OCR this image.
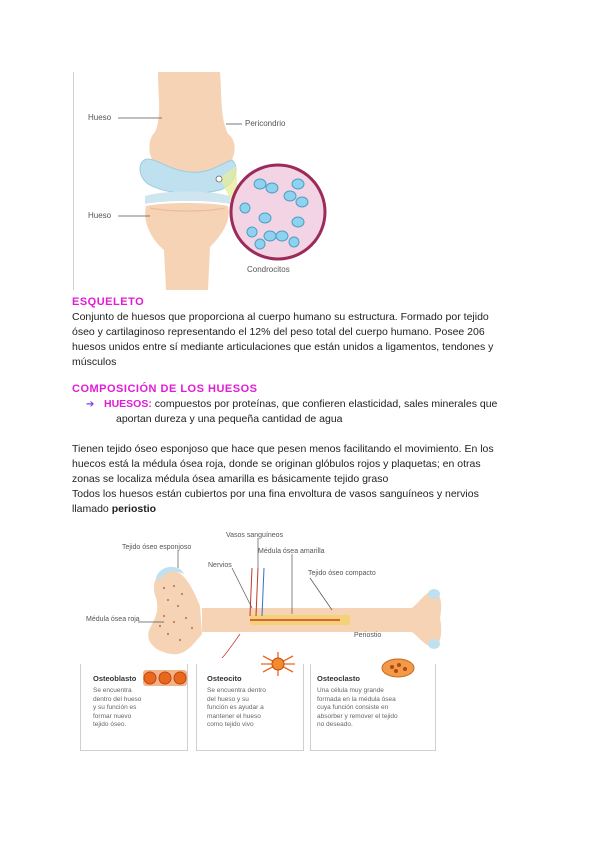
Hueso
Hueso
Pericondrio
Condrocitos
ESQUELETO
Conjunto de huesos que proporciona al cuerpo humano su estructura. Formado por tejido
óseo y cartilaginoso representando el 12% del peso total del cuerpo humano. Posee 206
huesos unidos entre sí mediante articulaciones que están unidos a ligamentos, tendones y
músculos
COMPOSICIÓN DE LOS HUESOS
➔ HUESOS: compuestos por proteínas, que confieren elasticidad, sales minerales que
aportan dureza y una pequeña cantidad de agua
Tienen tejido óseo esponjoso que hace que pesen menos facilitando el movimiento. En los
huecos está la médula ósea roja, donde se originan glóbulos rojos y plaquetas; en otras
zonas se localiza médula ósea amarilla es básicamente tejido graso
Todos los huesos están cubiertos por una fina envoltura de vasos sanguíneos y nervios
llamado periostio
Vasos sanguíneos
Tejido óseo esponjoso
Nervios
Médula ósea amarilla
Tejido óseo compacto
Médula ósea roja
Periostio
Osteoblasto
Se encuentra
dentro del hueso
y su función es
formar nuevo
tejido óseo.
Osteocito
Se encuentra dentro
del hueso y su
función es ayudar a
mantener el hueso
como tejido vivo
Osteoclasto
Una célula muy grande
formada en la médula ósea
cuya función consiste en
absorber y remover el tejido
no deseado.
